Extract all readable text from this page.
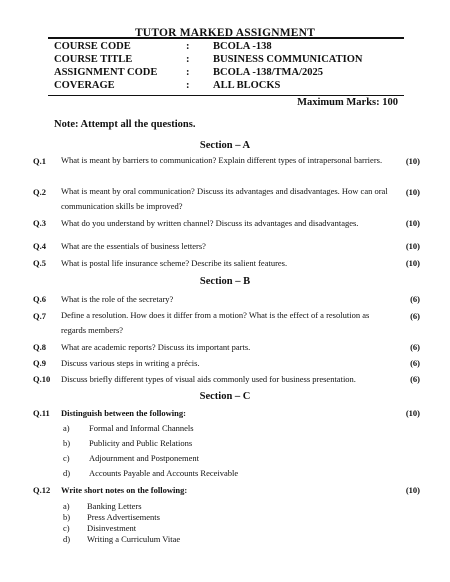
TUTOR MARKED ASSIGNMENT
COURSE CODE	: BCOLA -138
COURSE TITLE	: BUSINESS COMMUNICATION
ASSIGNMENT CODE	: BCOLA -138/TMA/2025
COVERAGE	: ALL BLOCKS
Maximum Marks: 100
Note: Attempt all the questions.
Section – A
Q.1 What is meant by barriers to communication? Explain different types of intrapersonal barriers.	(10)
Q.2 What is meant by oral communication? Discuss its advantages and disadvantages. How can oral communication skills be improved?
(10)
Q.3 What do you understand by written channel? Discuss its advantages and disadvantages.	(10)
Q.4 What are the essentials of business letters?	(10)
Q.5 What is postal life insurance scheme? Describe its salient features.	(10)
Section – B
Q.6 What is the role of the secretary?	(6)
Q.7 Define a resolution. How does it differ from a motion? What is the effect of a resolution as regards members?
(6)
Q.8 What are academic reports? Discuss its important parts.	(6)
Q.9 Discuss various steps in writing a précis.	(6)
Q.10 Discuss briefly different types of visual aids commonly used for business presentation.	(6)
Section – C
Q.11 Distinguish between the following:	(10)
a) Formal and Informal Channels
b) Publicity and Public Relations
c) Adjournment and Postponement
d) Accounts Payable and Accounts Receivable
Q.12 Write short notes on the following:	(10)
a) Banking Letters
b) Press Advertisements
c) Disinvestment
d) Writing a Curriculum Vitae
